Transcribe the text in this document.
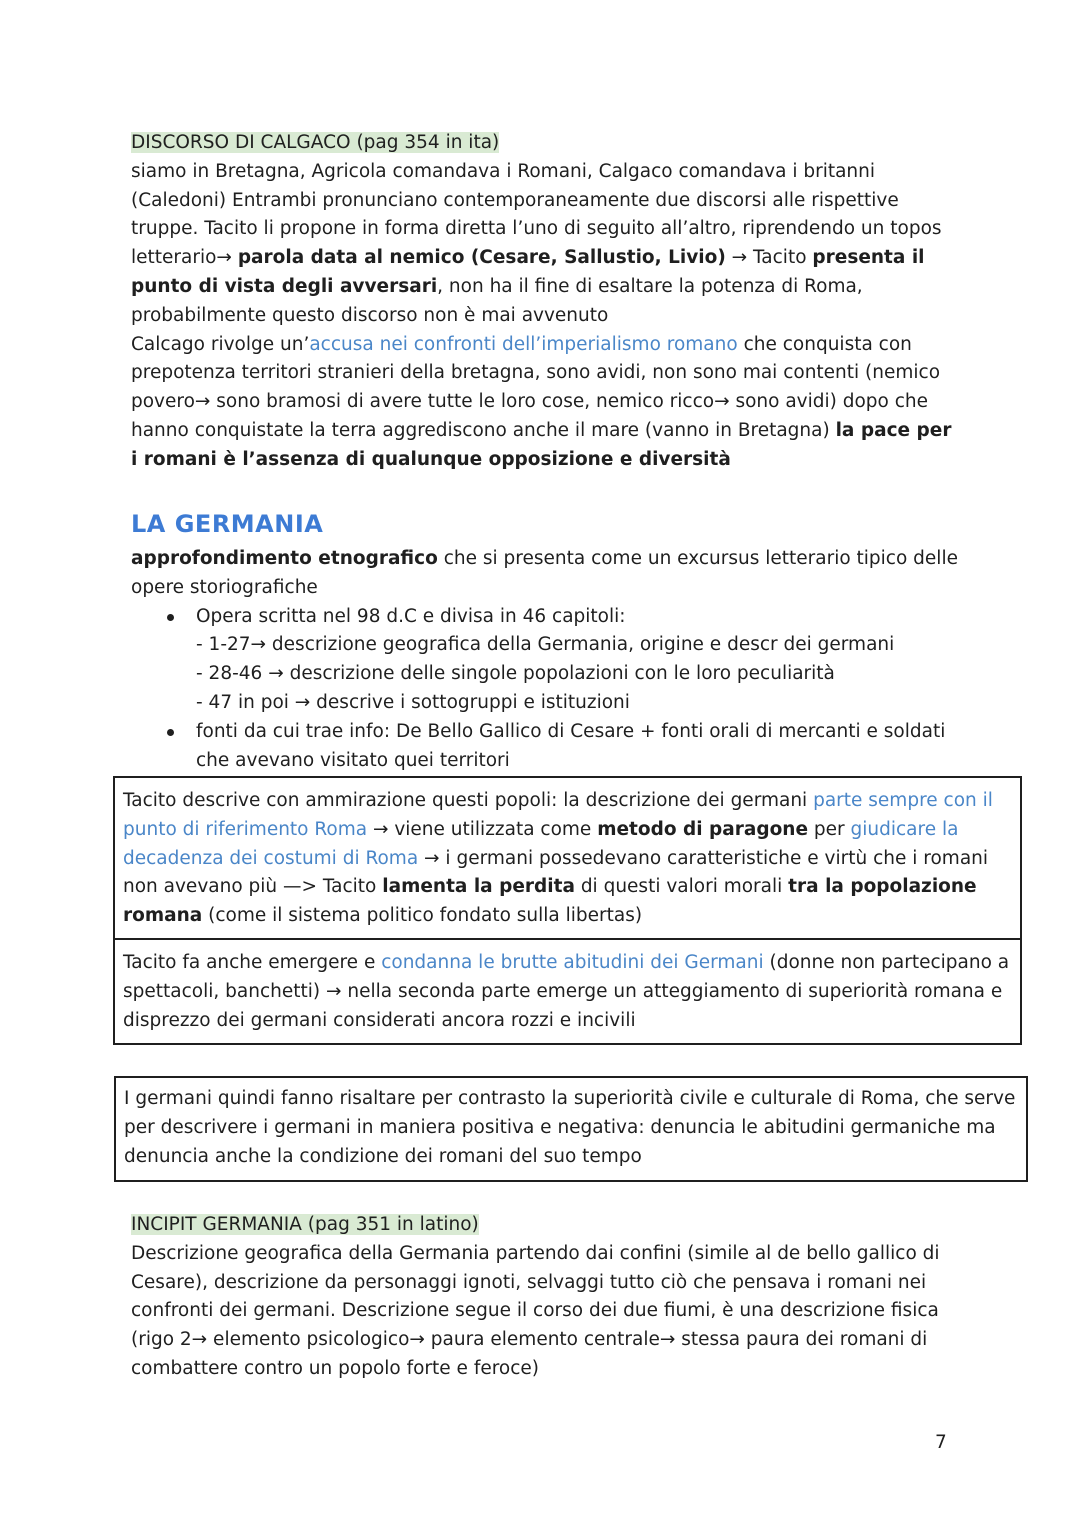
DISCORSO DI CALGACO (pag 354 in ita)
siamo in Bretagna, Agricola comandava i Romani, Calgaco comandava i britanni (Caledoni) Entrambi pronunciano contemporaneamente due discorsi alle rispettive truppe. Tacito li propone in forma diretta l’uno di seguito all’altro, riprendendo un topos letterario→ parola data al nemico (Cesare, Sallustio, Livio) → Tacito presenta il punto di vista degli avversari, non ha il fine di esaltare la potenza di Roma, probabilmente questo discorso non è mai avvenuto
Calcago rivolge un’accusa nei confronti dell’imperialismo romano che conquista con prepotenza territori stranieri della bretagna, sono avidi, non sono mai contenti (nemico povero→ sono bramosi di avere tutte le loro cose, nemico ricco→ sono avidi) dopo che hanno conquistate la terra aggrediscono anche il mare (vanno in Bretagna) la pace per i romani è l’assenza di qualunque opposizione e diversità
LA GERMANIA
approfondimento etnografico che si presenta come un excursus letterario tipico delle opere storiografiche
Opera scritta nel 98 d.C e divisa in 46 capitoli:
- 1-27→ descrizione geografica della Germania, origine e descr dei germani
- 28-46 → descrizione delle singole popolazioni con le loro peculiarità
- 47 in poi → descrive i sottogruppi e istituzioni
fonti da cui trae info: De Bello Gallico di Cesare + fonti orali di mercanti e soldati che avevano visitato quei territori
Tacito descrive con ammirazione questi popoli: la descrizione dei germani parte sempre con il punto di riferimento Roma → viene utilizzata come metodo di paragone per giudicare la decadenza dei costumi di Roma → i germani possedevano caratteristiche e virtù che i romani non avevano più —> Tacito lamenta la perdita di questi valori morali tra la popolazione romana (come il sistema politico fondato sulla libertas)
Tacito fa anche emergere e condanna le brutte abitudini dei Germani (donne non partecipano a spettacoli, banchetti) → nella seconda parte emerge un atteggiamento di superiorità romana e disprezzo dei germani considerati ancora rozzi e incivili
I germani quindi fanno risaltare per contrasto la superiorità civile e culturale di Roma, che serve per descrivere i germani in maniera positiva e negativa: denuncia le abitudini germaniche ma denuncia anche la condizione dei romani del suo tempo
INCIPIT GERMANIA (pag 351 in latino)
Descrizione geografica della Germania partendo dai confini (simile al de bello gallico di Cesare), descrizione da personaggi ignoti, selvaggi tutto ciò che pensava i romani nei confronti dei germani. Descrizione segue il corso dei due fiumi, è una descrizione fisica (rigo 2→ elemento psicologico→ paura elemento centrale→ stessa paura dei romani di combattere contro un popolo forte e feroce)
7
